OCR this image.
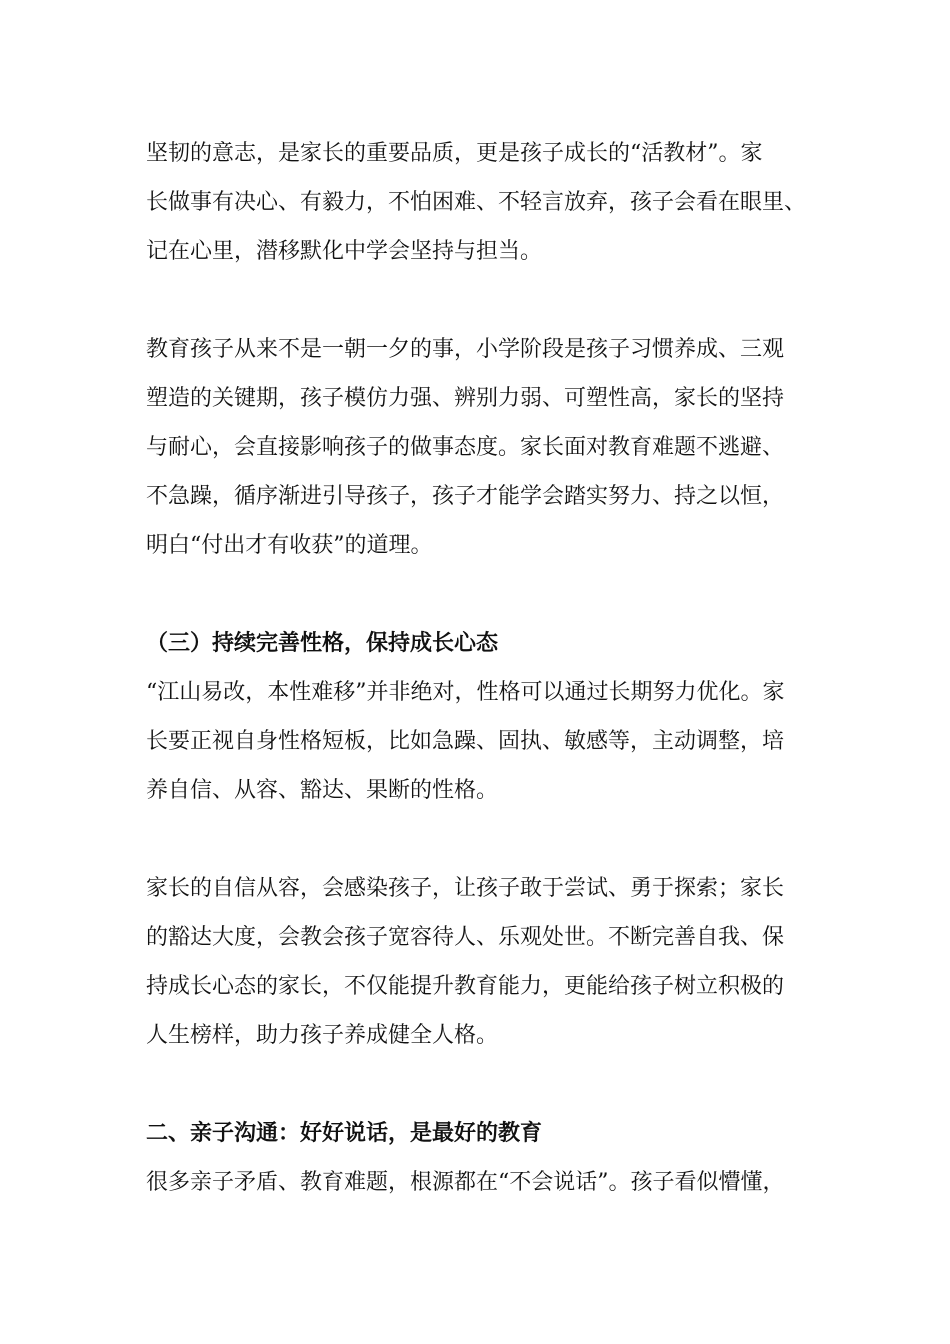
坚韧的意志，是家长的重要品质，更是孩子成长的“活教材”。家
长做事有决心、有毅力，不怕困难、不轻言放弃，孩子会看在眼里、
记在心里，潜移默化中学会坚持与担当。

教育孩子从来不是一朝一夕的事，小学阶段是孩子习惯养成、三观
塑造的关键期，孩子模仿力强、辨别力弱、可塑性高，家长的坚持
与耐心，会直接影响孩子的做事态度。家长面对教育难题不逃避、
不急躁，循序渐进引导孩子，孩子才能学会踏实努力、持之以恒，
明白“付出才有收获”的道理。

（三）持续完善性格，保持成长心态

“江山易改，本性难移”并非绝对，性格可以通过长期努力优化。家
长要正视自身性格短板，比如急躁、固执、敏感等，主动调整，培
养自信、从容、豁达、果断的性格。

家长的自信从容，会感染孩子，让孩子敢于尝试、勇于探索；家长
的豁达大度，会教会孩子宽容待人、乐观处世。不断完善自我、保
持成长心态的家长，不仅能提升教育能力，更能给孩子树立积极的
人生榜样，助力孩子养成健全人格。

二、亲子沟通：好好说话，是最好的教育

很多亲子矛盾、教育难题，根源都在“不会说话”。孩子看似懵懂，
